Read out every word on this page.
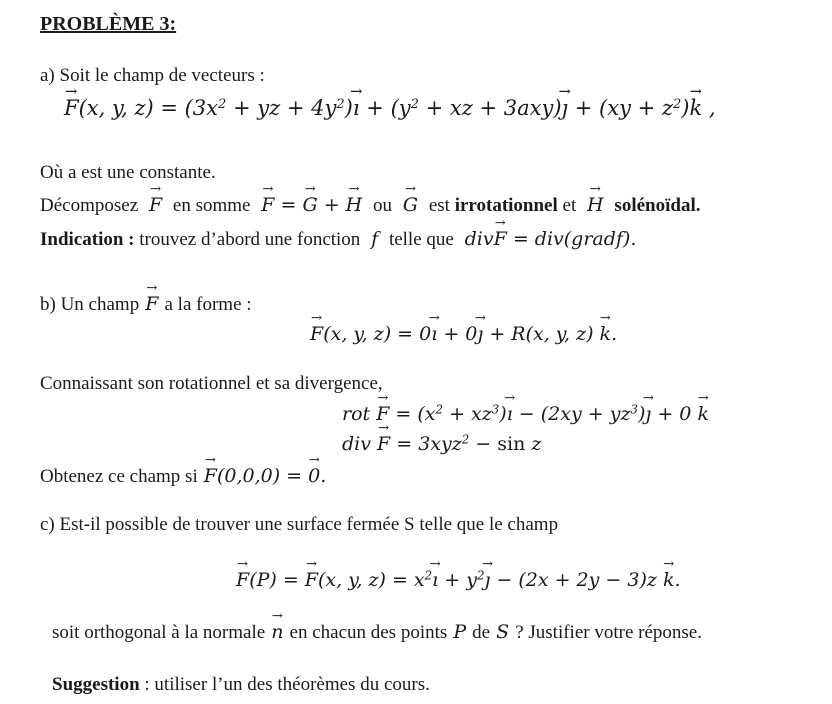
PROBLÈME 3:
a) Soit le champ de vecteurs :
→ F(x, y, $z) = (3x^2$ + yz + $4y^2)\to$ ı + ($y^2$ + xz + 3axy)→ ȷ + $(xy + z^2)\to k$ ,
Où a est une constante.
Décomposez → F en somme → F = → G + → H ou → G est irrotationnel et → H solénoïdal.
Indication : trouvez d’abord une fonction  f  telle que  div→ F = div(gradf).
b) Un champ → F a la forme :
→ F(x, y, z) = 0→ ı + 0→ ȷ + R(x, y, z) → k.
Connaissant son rotationnel et sa divergence,
rot → $F = (x^2 + xz^3)\to$ ı − $(2xy + yz^3)\to$ ȷ + 0 → k
div → F = 3xyz$^2$ − sin z
Obtenez ce champ si → F(0,0,0) = → 0.
c) Est-il possible de trouver une surface fermée S telle que le champ
→ F(P) = → F(x, y, $z) = x^2\to$ ı + $y^2\to$ ȷ − (2x + 2y − 3)z → k.
soit orthogonal à la normale → n en chacun des points P de S ? Justifier votre réponse.
Suggestion : utiliser l’un des théorèmes du cours.
